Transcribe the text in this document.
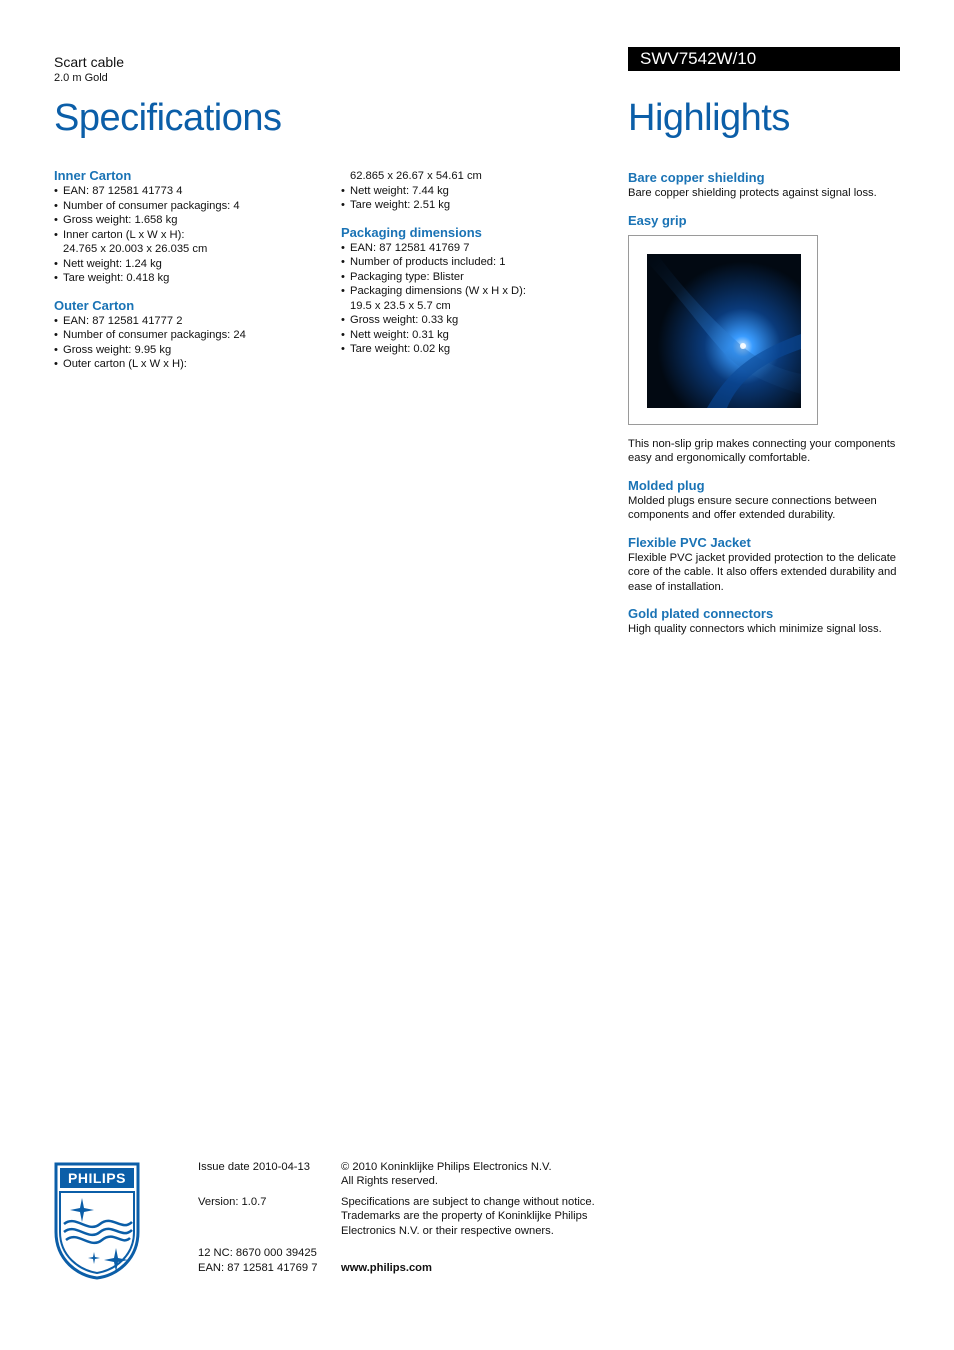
Scart cable
2.0 m Gold
Specifications
SWV7542W/10
Highlights
Inner Carton
• EAN: 87 12581 41773 4
• Number of consumer packagings: 4
• Gross weight: 1.658 kg
• Inner carton (L x W x H):
24.765 x 20.003 x 26.035 cm
• Nett weight: 1.24 kg
• Tare weight: 0.418 kg
Outer Carton
• EAN: 87 12581 41777 2
• Number of consumer packagings: 24
• Gross weight: 9.95 kg
• Outer carton (L x W x H):
62.865 x 26.67 x 54.61 cm
• Nett weight: 7.44 kg
• Tare weight: 2.51 kg
Packaging dimensions
• EAN: 87 12581 41769 7
• Number of products included: 1
• Packaging type: Blister
• Packaging dimensions (W x H x D):
19.5 x 23.5 x 5.7 cm
• Gross weight: 0.33 kg
• Nett weight: 0.31 kg
• Tare weight: 0.02 kg
Bare copper shielding

Bare copper shielding protects against signal loss.

Easy grip

This non-slip grip makes connecting your components easy and ergonomically comfortable.

Molded plug

Molded plugs ensure secure connections between components and offer extended durability.

Flexible PVC Jacket

Flexible PVC jacket provided protection to the delicate core of the cable. It also offers extended durability and ease of installation.

Gold plated connectors

High quality connectors which minimize signal loss.

PHILIPS
Issue date 2010-04-13
Version: 1.0.7
12 NC: 8670 000 39425
EAN: 87 12581 41769 7
© 2010 Koninklijke Philips Electronics N.V.
All Rights reserved.
Specifications are subject to change without notice.
Trademarks are the property of Koninklijke Philips
Electronics N.V. or their respective owners.
www.philips.com
